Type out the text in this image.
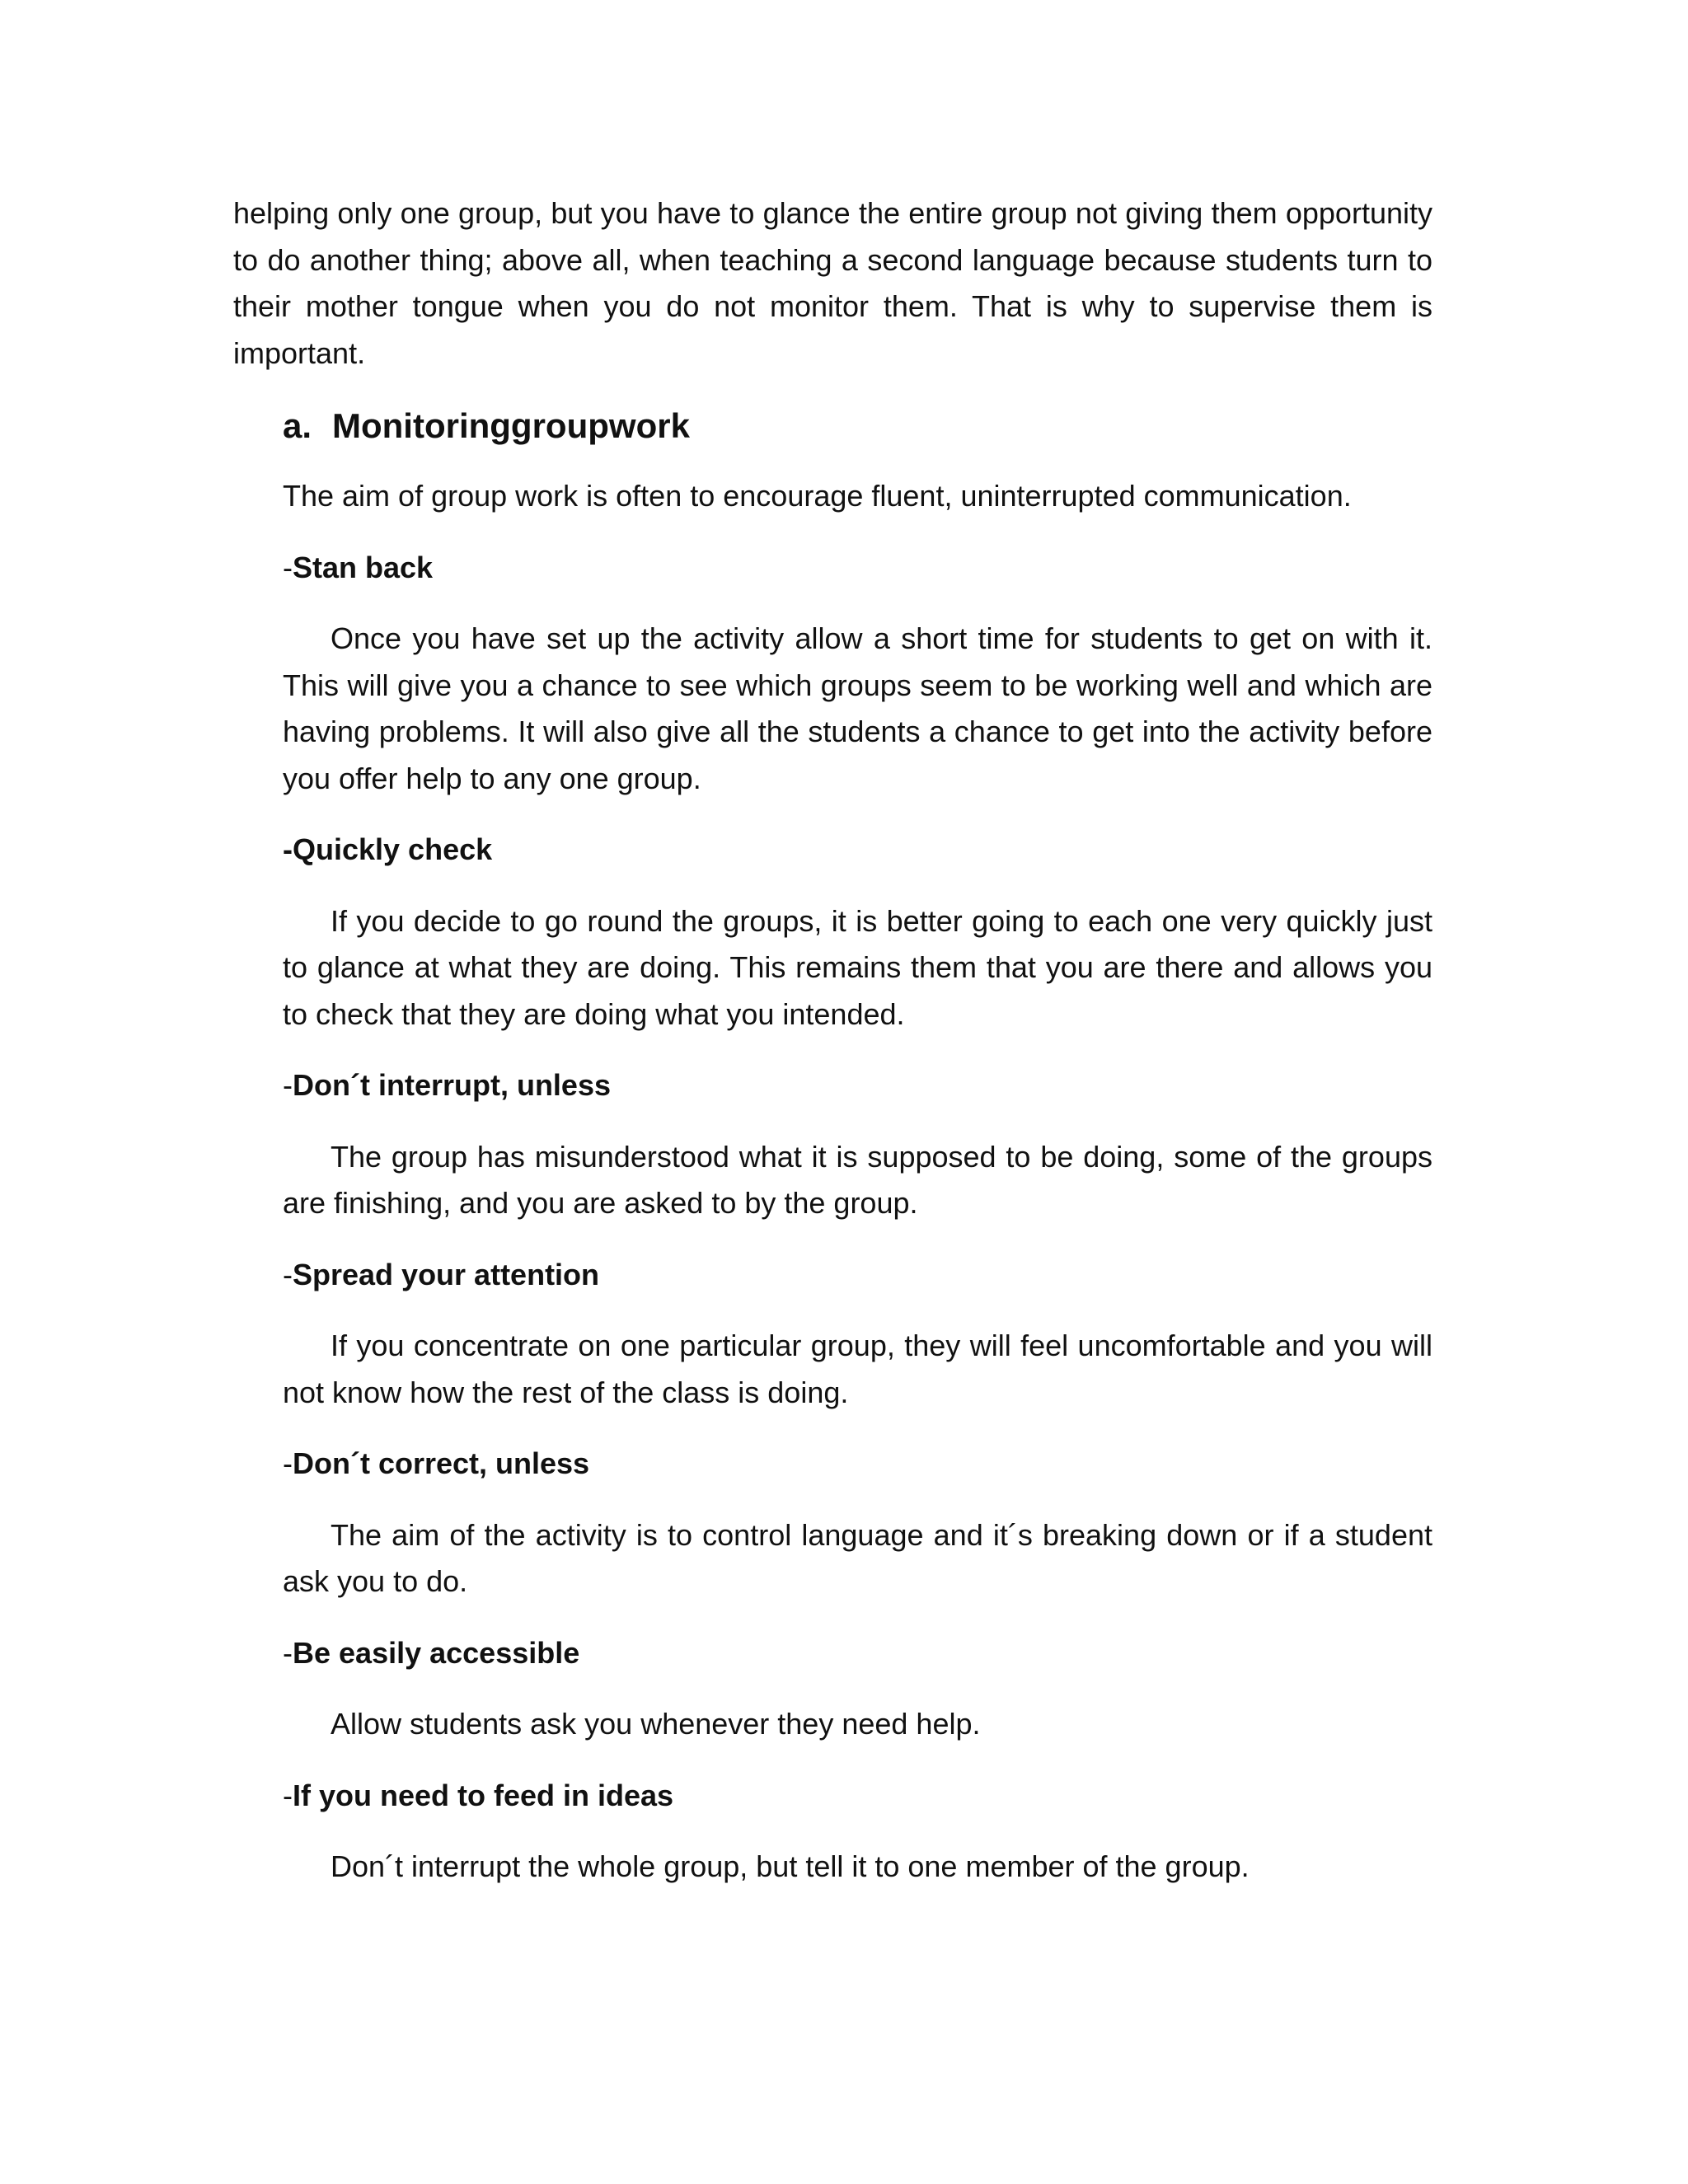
helping only one group, but you have to glance the entire group not giving them opportunity to do another thing; above all, when teaching a second language because students turn to their mother tongue when you do not monitor them. That is why to supervise them is important.

a. Monitoringgroupwork

The aim of group work is often to encourage fluent, uninterrupted communication.

-Stan back

Once you have set up the activity allow a short time for students to get on with it. This will give you a chance to see which groups seem to be working well and which are having problems. It will also give all the students a chance to get into the activity before you offer help to any one group.

-Quickly check

If you decide to go round the groups, it is better going to each one very quickly just to glance at what they are doing. This remains them that you are there and allows you to check that they are doing what you intended.

-Don´t interrupt, unless

The group has misunderstood what it is supposed to be doing, some of the groups are finishing, and you are asked to by the group.

-Spread your attention

If you concentrate on one particular group, they will feel uncomfortable and you will not know how the rest of the class is doing.

-Don´t correct, unless

The aim of the activity is to control language and it´s breaking down or if a student ask you to do.

-Be easily accessible

Allow students ask you whenever they need help.

-If you need to feed in ideas

Don´t interrupt the whole group, but tell it to one member of the group.
